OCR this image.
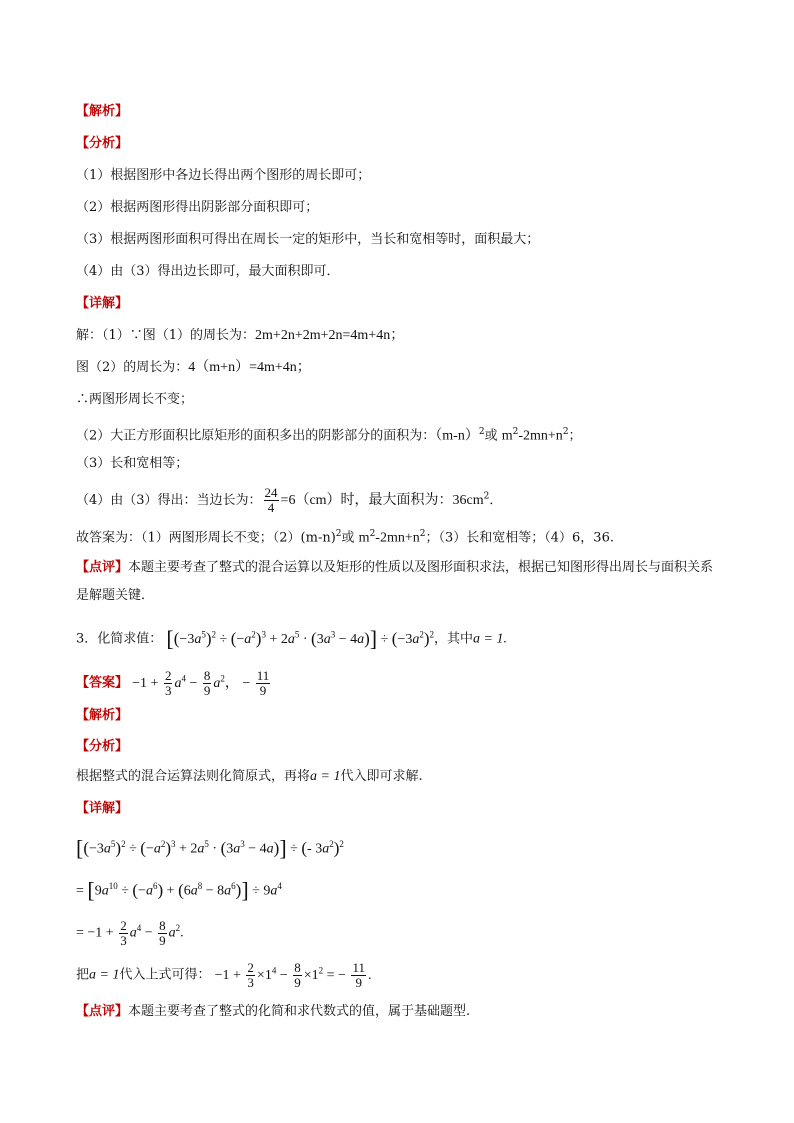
【解析】
【分析】
（1）根据图形中各边长得出两个图形的周长即可；
（2）根据两图形得出阴影部分面积即可；
（3）根据两图形面积可得出在周长一定的矩形中，当长和宽相等时，面积最大；
（4）由（3）得出边长即可，最大面积即可．
【详解】
解：（1）∵图（1）的周长为：2m+2n+2m+2n=4m+4n；
图（2）的周长为：4（m+n）=4m+4n；
∴两图形周长不变；
（2）大正方形面积比原矩形的面积多出的阴影部分的面积为：$(m-n)^2$或 $m^2-2mn+n^2$；
（3）长和宽相等；
（4）由（3）得出：当边长为： $\frac{24}{4} =6(cm)$时，最大面积为：$36cm^2$．
故答案为：（1）两图形周长不变；$(2)(m-n)^2$或 $m^2-2mn+n^2$；（3）长和宽相等；（4）6，36.
【点评】本题主要考查了整式的混合运算以及矩形的性质以及图形面积求法，根据已知图形得出周长与面积关系是解题关键．
3．化简求值： $[(-3a^5)^2 \div (-a^2)^3 + 2a^5 \cdot (3a^3 - 4a)] \div (-3a^2)^2$，其中a = 1.
【答案】 $-1 + \frac{2}{3} a^4 - \frac{8}{9} a^2$， − $\frac{11}{9}$
【解析】
【分析】
根据整式的混合运算法则化简原式，再将a = 1代入即可求解.
【详解】
$[(-3a^5)^2 \div (-a^2)^3 + 2a^5 \cdot (3a^3 - 4a)]$ ÷ (- $3a^2)^2$
= $[9a^{10} \div (-a^6) + (6a^8 - 8a^6)] \div 9a^4$
= $-1 + \frac{2}{3} a^4 - \frac{8}{9} a^2$.
把a = 1代入上式可得： $-1 + \frac{2}{3} \times 1^4 - \frac{8}{9} \times 1^2$ = − $\frac{11}{9}$ .
【点评】本题主要考查了整式的化简和求代数式的值，属于基础题型.
